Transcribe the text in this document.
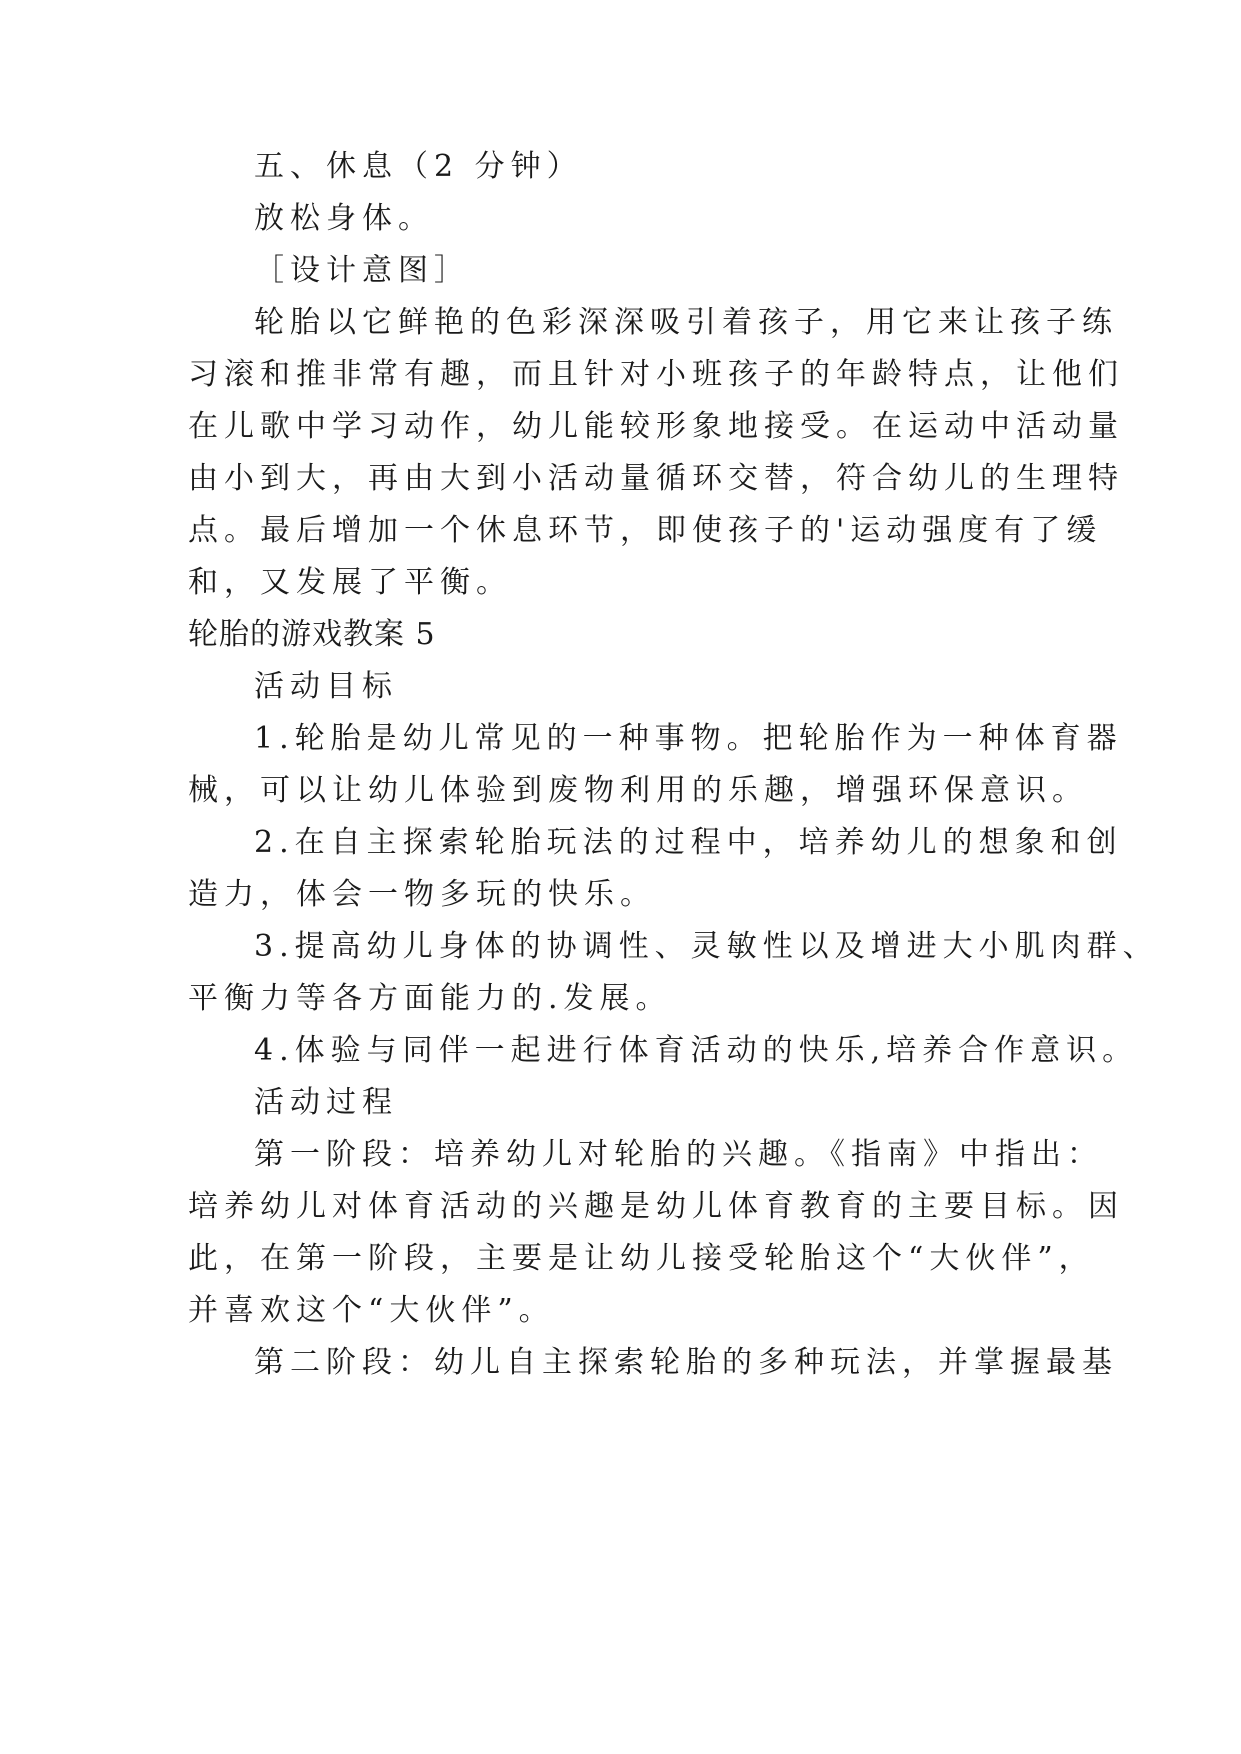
五、休息（2 分钟）
放松身体。
［设计意图］
轮胎以它鲜艳的色彩深深吸引着孩子，用它来让孩子练
习滚和推非常有趣，而且针对小班孩子的年龄特点，让他们
在儿歌中学习动作，幼儿能较形象地接受。在运动中活动量
由小到大，再由大到小活动量循环交替，符合幼儿的生理特
点。最后增加一个休息环节，即使孩子的'运动强度有了缓
和，又发展了平衡。
轮胎的游戏教案 5
活动目标
1.轮胎是幼儿常见的一种事物。把轮胎作为一种体育器
械，可以让幼儿体验到废物利用的乐趣，增强环保意识。
2.在自主探索轮胎玩法的过程中，培养幼儿的想象和创
造力，体会一物多玩的快乐。
3.提高幼儿身体的协调性、灵敏性以及增进大小肌肉群、
平衡力等各方面能力的.发展。
4.体验与同伴一起进行体育活动的快乐,培养合作意识。
活动过程
第一阶段：培养幼儿对轮胎的兴趣。《指南》中指出：
培养幼儿对体育活动的兴趣是幼儿体育教育的主要目标。因
此，在第一阶段，主要是让幼儿接受轮胎这个“大伙伴”，
并喜欢这个“大伙伴”。
第二阶段：幼儿自主探索轮胎的多种玩法，并掌握最基
